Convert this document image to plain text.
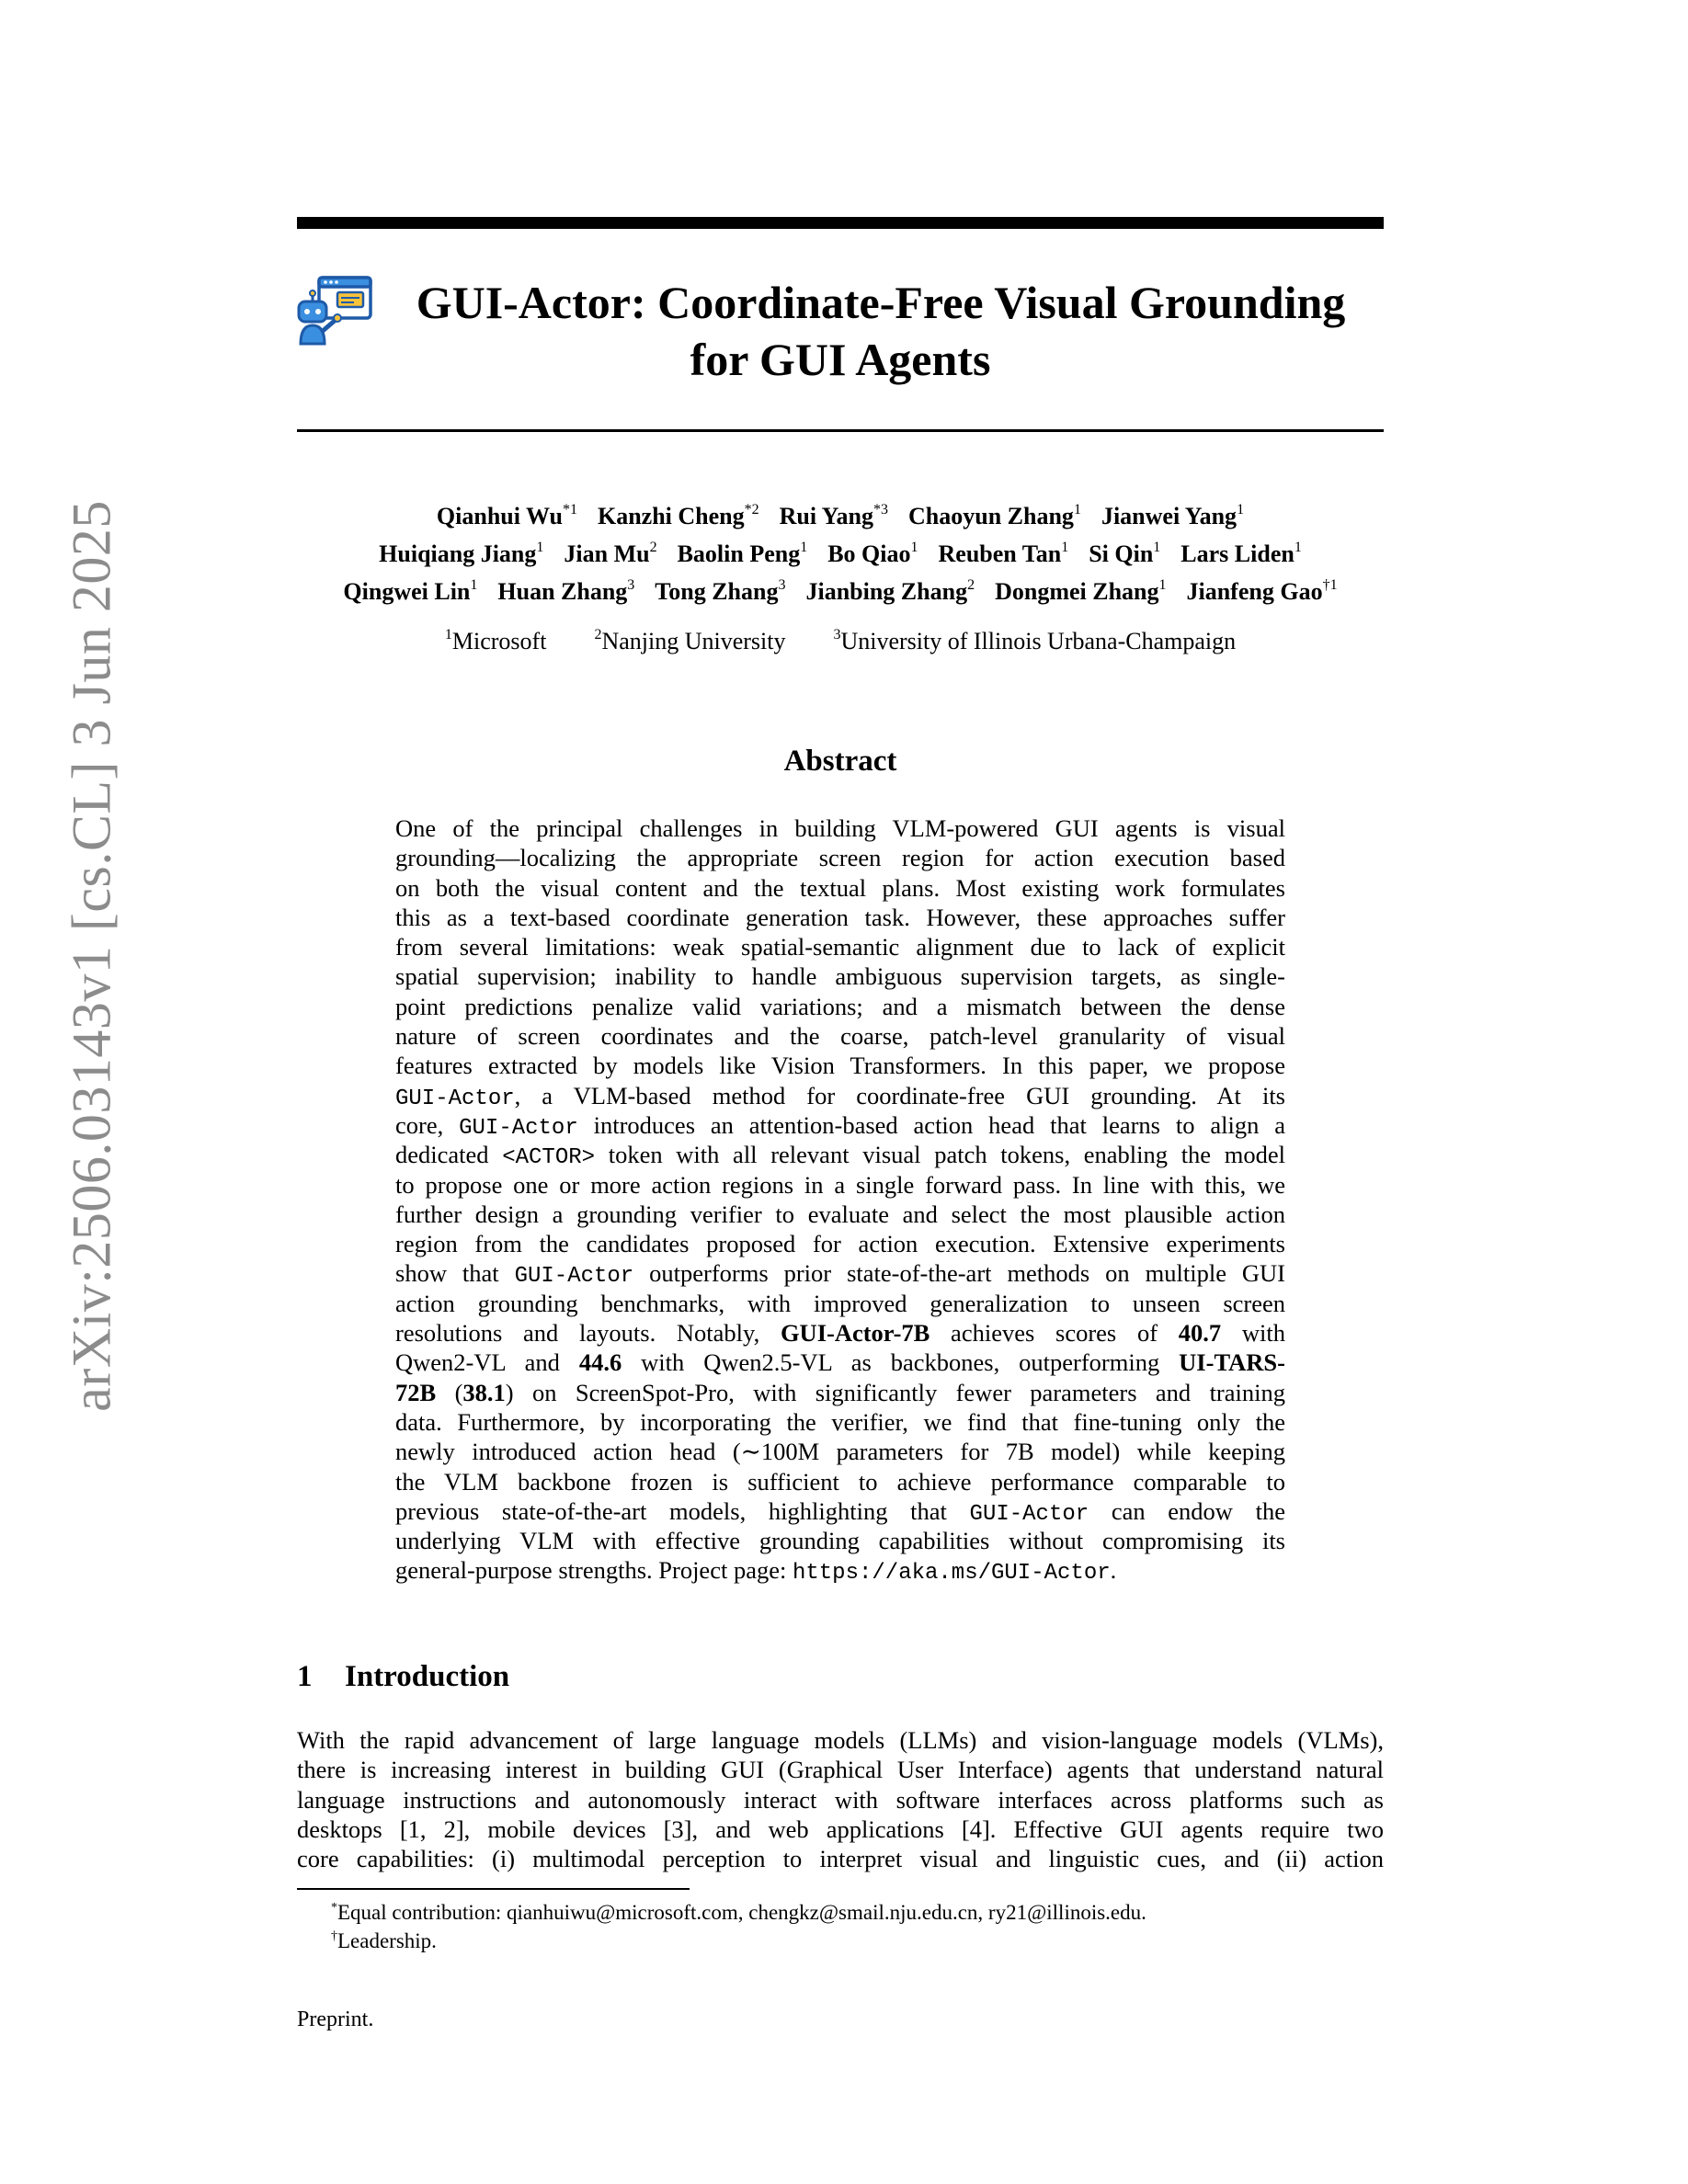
arXiv:2506.03143v1 [cs.CL] 3 Jun 2025
GUI-Actor: Coordinate-Free Visual Grounding
for GUI Agents
Qianhui Wu$^{*1}$ Kanzhi Cheng$^{*2}$ Rui Yang$^{*3}$ Chaoyun Zhang$^1$ Jianwei Yang$^1$
Huiqiang Jiang$^1$ Jian Mu$^2$ Baolin Peng$^1$ Bo Qiao$^1$ Reuben Tan$^1$ Si Qin$^1$ Lars Liden$^1$
Qingwei Lin$^1$ Huan Zhang$^3$ Tong Zhang$^3$ Jianbing Zhang$^2$ Dongmei Zhang$^1$ Jianfeng Gao$^{\dagger 1}$
$^1$Microsoft	$^2$Nanjing University	$^3$University of Illinois Urbana-Champaign
Abstract
One of the principal challenges in building VLM-powered GUI agents is visual
grounding—localizing the appropriate screen region for action execution based
on both the visual content and the textual plans. Most existing work formulates
this as a text-based coordinate generation task. However, these approaches suffer
from several limitations: weak spatial-semantic alignment due to lack of explicit
spatial supervision; inability to handle ambiguous supervision targets, as single-
point predictions penalize valid variations; and a mismatch between the dense
nature of screen coordinates and the coarse, patch-level granularity of visual
features extracted by models like Vision Transformers. In this paper, we propose
GUI-Actor, a VLM-based method for coordinate-free GUI grounding. At its
core, GUI-Actor introduces an attention-based action head that learns to align a
dedicated <ACTOR> token with all relevant visual patch tokens, enabling the model
to propose one or more action regions in a single forward pass. In line with this, we
further design a grounding verifier to evaluate and select the most plausible action
region from the candidates proposed for action execution. Extensive experiments
show that GUI-Actor outperforms prior state-of-the-art methods on multiple GUI
action grounding benchmarks, with improved generalization to unseen screen
resolutions and layouts. Notably, GUI-Actor-7B achieves scores of 40.7 with
Qwen2-VL and 44.6 with Qwen2.5-VL as backbones, outperforming UI-TARS-
72B (38.1) on ScreenSpot-Pro, with significantly fewer parameters and training
data. Furthermore, by incorporating the verifier, we find that fine-tuning only the
newly introduced action head (∼100M parameters for 7B model) while keeping
the VLM backbone frozen is sufficient to achieve performance comparable to
previous state-of-the-art models, highlighting that GUI-Actor can endow the
underlying VLM with effective grounding capabilities without compromising its
general-purpose strengths. Project page: https://aka.ms/GUI-Actor.
1 Introduction
With the rapid advancement of large language models (LLMs) and vision-language models (VLMs),
there is increasing interest in building GUI (Graphical User Interface) agents that understand natural
language instructions and autonomously interact with software interfaces across platforms such as
desktops [1, 2], mobile devices [3], and web applications [4]. Effective GUI agents require two
core capabilities: (i) multimodal perception to interpret visual and linguistic cues, and (ii) action
*Equal contribution: qianhuiwu@microsoft.com, chengkz@smail.nju.edu.cn, ry21@illinois.edu.
†Leadership.
Preprint.
